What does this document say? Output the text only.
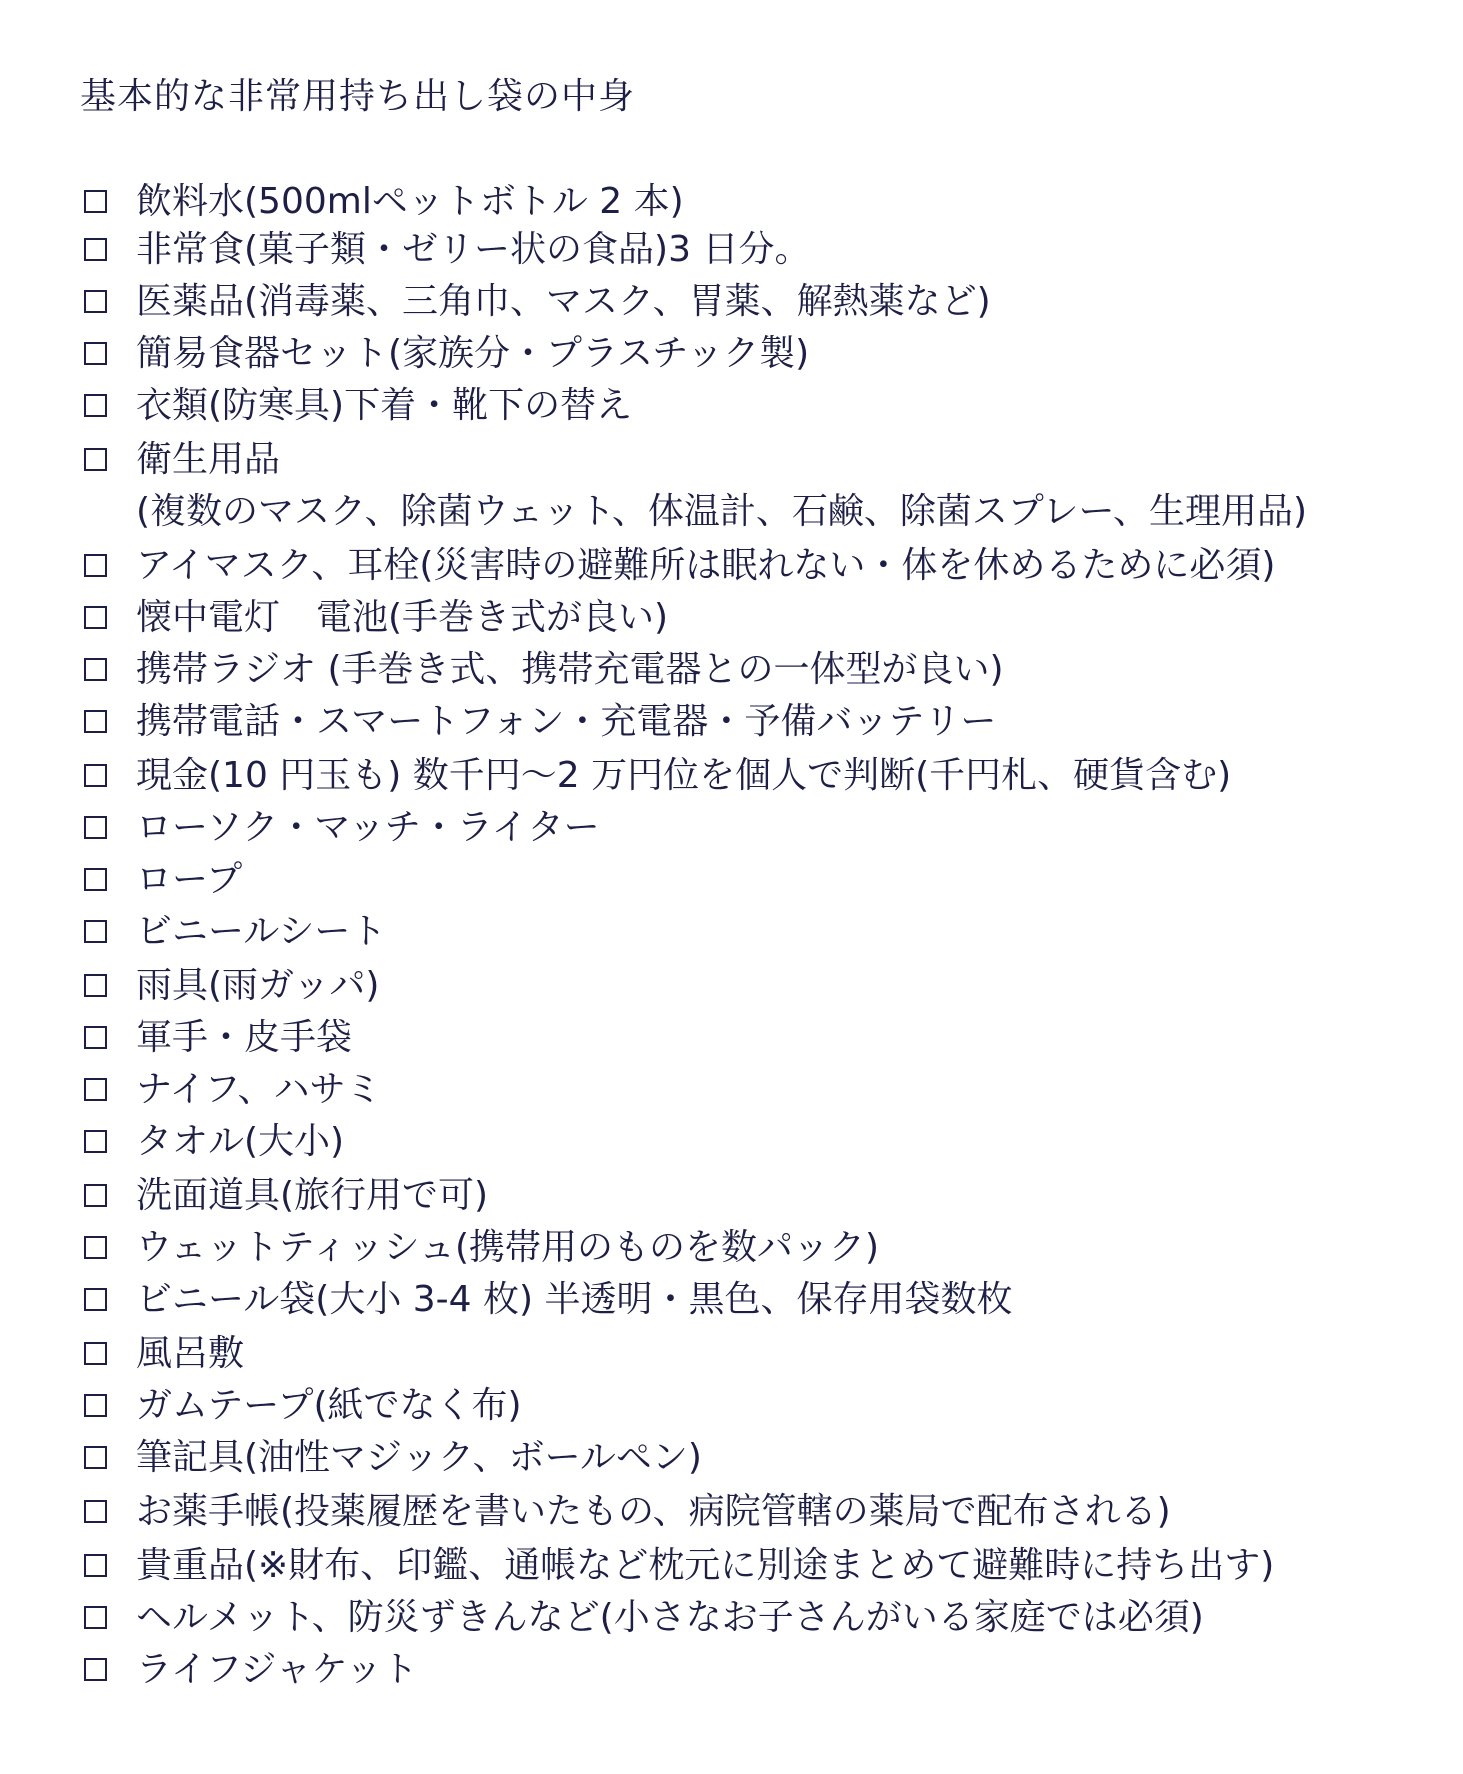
基本的な非常用持ち出し袋の中身
飲料水(500mlペットボトル 2 本)
非常食(菓子類・ゼリー状の食品)3 日分。
医薬品(消毒薬、三角巾、マスク、胃薬、解熱薬など)
簡易食器セット(家族分・プラスチック製)
衣類(防寒具)下着・靴下の替え
衛生用品
(複数のマスク、除菌ウェット、体温計、石鹸、除菌スプレー、生理用品)
アイマスク、耳栓(災害時の避難所は眠れない・体を休めるために必須)
懐中電灯　電池(手巻き式が良い)
携帯ラジオ (手巻き式、携帯充電器との一体型が良い)
携帯電話・スマートフォン・充電器・予備バッテリー
現金(10 円玉も) 数千円～2 万円位を個人で判断(千円札、硬貨含む)
ローソク・マッチ・ライター
ロープ
ビニールシート
雨具(雨ガッパ)
軍手・皮手袋
ナイフ、ハサミ
タオル(大小)
洗面道具(旅行用で可)
ウェットティッシュ(携帯用のものを数パック)
ビニール袋(大小 3-4 枚) 半透明・黒色、保存用袋数枚
風呂敷
ガムテープ(紙でなく布)
筆記具(油性マジック、ボールペン)
お薬手帳(投薬履歴を書いたもの、病院管轄の薬局で配布される)
貴重品(※財布、印鑑、通帳など枕元に別途まとめて避難時に持ち出す)
ヘルメット、防災ずきんなど(小さなお子さんがいる家庭では必須)
ライフジャケット
